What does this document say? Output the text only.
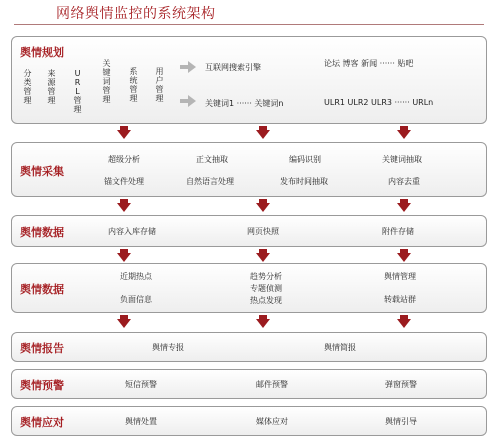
网络舆情监控的系统架构
舆情规划
分类管理
来源管理
URL管理
关键词管理
系统管理
用户管理
互联网搜索引擎	论坛 博客 新闻 ······ 贴吧
关键词1 ······ 关键词n	ULR1 ULR2 ULR3 ······ URLn
舆情采集
超级分析	正文抽取	编码识别	关键词抽取
锚文件处理	自然语言处理	发布时间抽取	内容去重
舆情数据	内容入库存储	网页快照	附件存储
舆情数据
近期热点	趋势分析	舆情管理
专题侦测
负面信息	热点发现	转载站群
舆情报告	舆情专报	舆情简报
舆情预警	短信预警	邮件预警	弹窗预警
舆情应对	舆情处置	媒体应对	舆情引导
